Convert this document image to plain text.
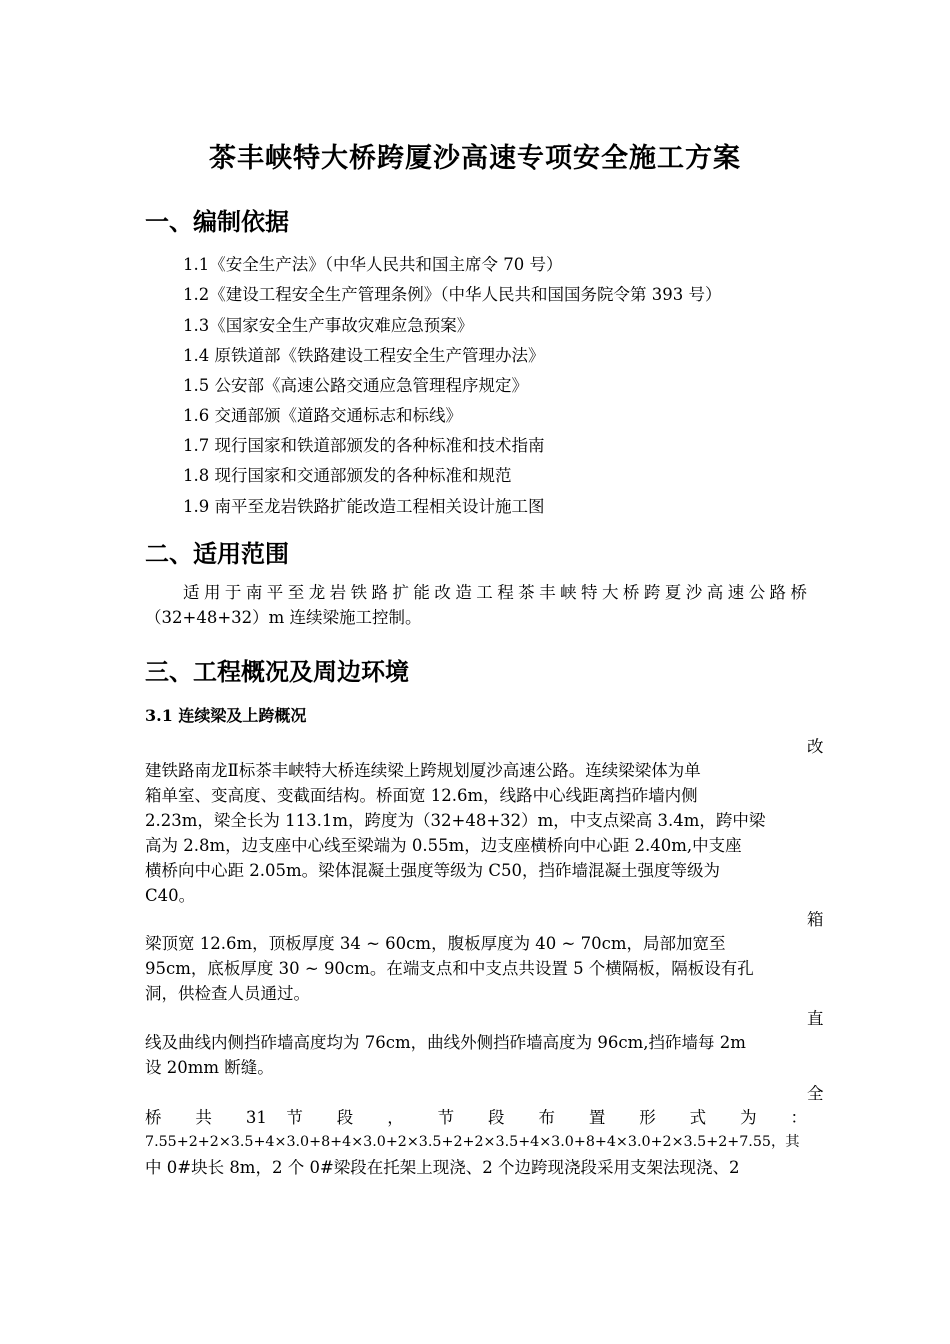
茶丰峡特大桥跨厦沙高速专项安全施工方案
一、编制依据
1.1《安全生产法》（中华人民共和国主席令 70 号）
1.2《建设工程安全生产管理条例》（中华人民共和国国务院令第 393 号）
1.3《国家安全生产事故灾难应急预案》
1.4 原铁道部《铁路建设工程安全生产管理办法》
1.5 公安部《高速公路交通应急管理程序规定》
1.6 交通部颁《道路交通标志和标线》
1.7 现行国家和铁道部颁发的各种标准和技术指南
1.8 现行国家和交通部颁发的各种标准和规范
1.9 南平至龙岩铁路扩能改造工程相关设计施工图
二、适用范围
适用于南平至龙岩铁路扩能改造工程茶丰峡特大桥跨夏沙高速公路桥
（32+48+32）m 连续梁施工控制。
三、工程概况及周边环境
3.1 连续梁及上跨概况
改
建铁路南龙Ⅱ标茶丰峡特大桥连续梁上跨规划厦沙高速公路。连续梁梁体为单
箱单室、变高度、变截面结构。桥面宽 12.6m，线路中心线距离挡砟墙内侧
2.23m，梁全长为 113.1m，跨度为（32+48+32）m，中支点梁高 3.4m，跨中梁
高为 2.8m，边支座中心线至梁端为 0.55m，边支座横桥向中心距 2.40m,中支座
横桥向中心距 2.05m。梁体混凝土强度等级为 C50，挡砟墙混凝土强度等级为
C40。
箱
梁顶宽 12.6m，顶板厚度 34 ~ 60cm，腹板厚度为 40 ~ 70cm，局部加宽至
95cm，底板厚度 30 ~ 90cm。在端支点和中支点共设置 5 个横隔板，隔板设有孔
洞，供检查人员通过。
直
线及曲线内侧挡砟墙高度均为 76cm，曲线外侧挡砟墙高度为 96cm,挡砟墙每 2m
设 20mm 断缝。
全
桥 共 31 节 段 ， 节 段 布 置 形 式 为 ：
7.55+2+2×3.5+4×3.0+8+4×3.0+2×3.5+2+2×3.5+4×3.0+8+4×3.0+2×3.5+2+7.55，其
中 0#块长 8m，2 个 0#梁段在托架上现浇、2 个边跨现浇段采用支架法现浇、2
